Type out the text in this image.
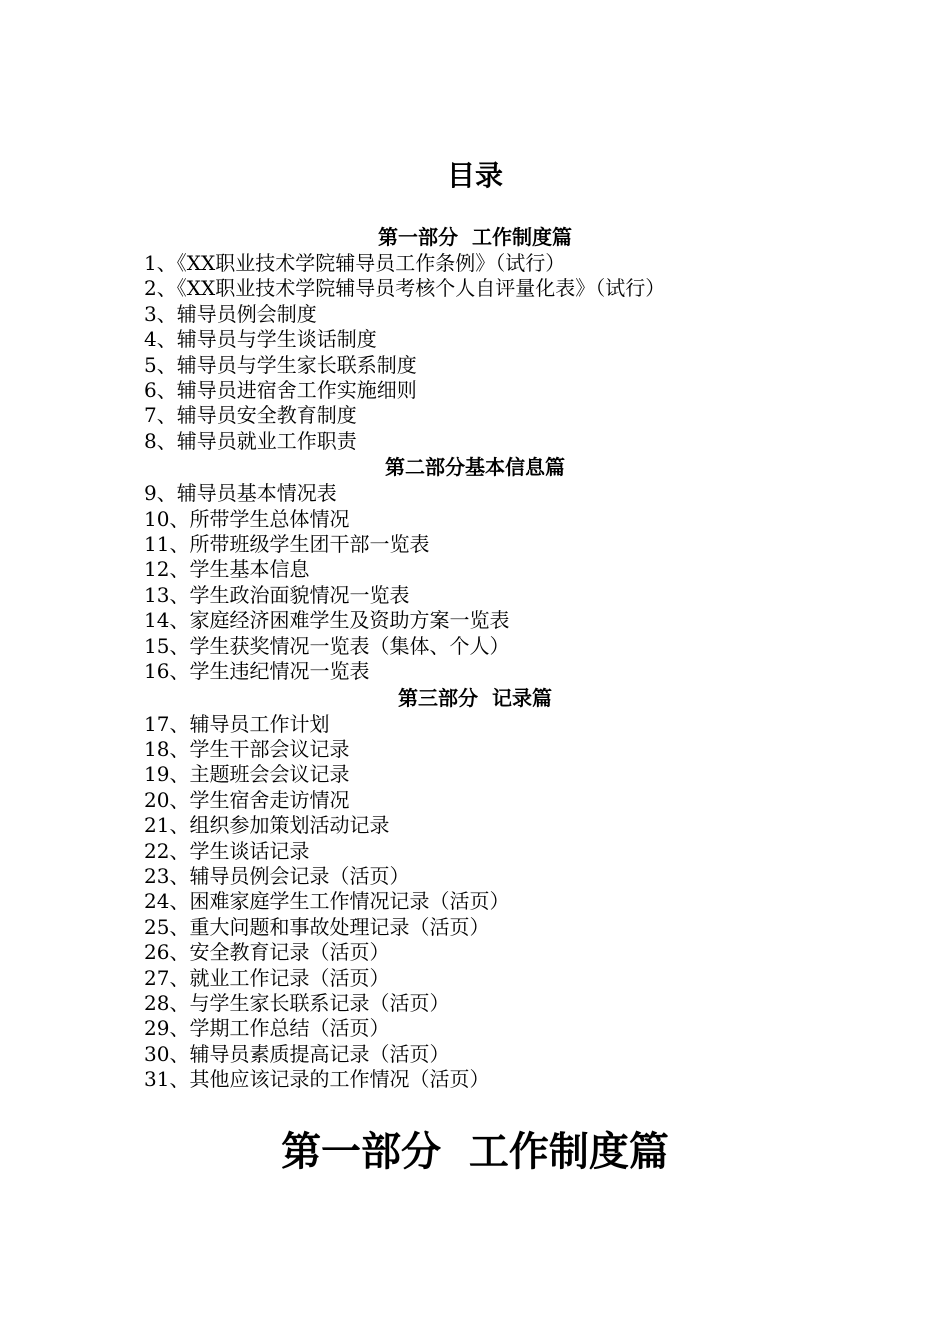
目录
第一部分  工作制度篇
1、《XX职业技术学院辅导员工作条例》（试行）
2、《XX职业技术学院辅导员考核个人自评量化表》（试行）
3、辅导员例会制度
4、辅导员与学生谈话制度
5、辅导员与学生家长联系制度
6、辅导员进宿舍工作实施细则
7、辅导员安全教育制度
8、辅导员就业工作职责
第二部分基本信息篇
9、辅导员基本情况表
10、所带学生总体情况
11、所带班级学生团干部一览表
12、学生基本信息
13、学生政治面貌情况一览表
14、家庭经济困难学生及资助方案一览表
15、学生获奖情况一览表（集体、个人）
16、学生违纪情况一览表
第三部分  记录篇
17、辅导员工作计划
18、学生干部会议记录
19、主题班会会议记录
20、学生宿舍走访情况
21、组织参加策划活动记录
22、学生谈话记录
23、辅导员例会记录（活页）
24、困难家庭学生工作情况记录（活页）
25、重大问题和事故处理记录（活页）
26、安全教育记录（活页）
27、就业工作记录（活页）
28、与学生家长联系记录（活页）
29、学期工作总结（活页）
30、辅导员素质提高记录（活页）
31、其他应该记录的工作情况（活页）
第一部分  工作制度篇
